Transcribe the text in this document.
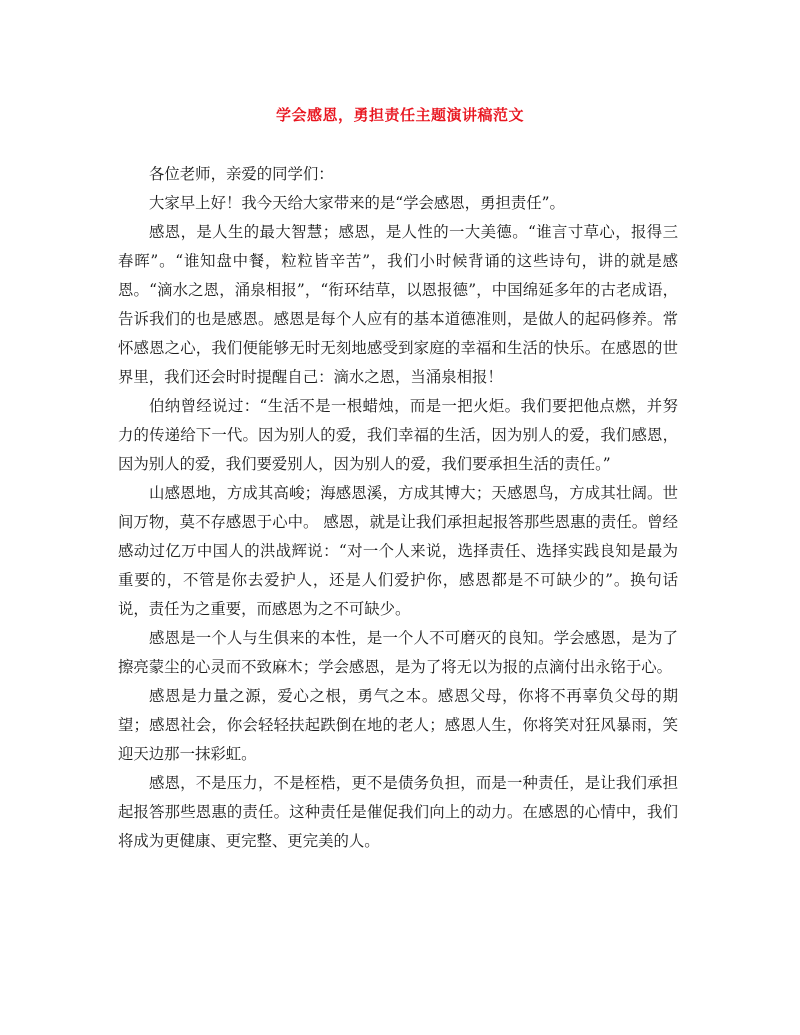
学会感恩，勇担责任主题演讲稿范文

各位老师，亲爱的同学们：

大家早上好！我今天给大家带来的是“学会感恩，勇担责任”。

感恩，是人生的最大智慧；感恩，是人性的一大美德。“谁言寸草心，报得三春晖”。“谁知盘中餐，粒粒皆辛苦”，我们小时候背诵的这些诗句，讲的就是感恩。“滴水之恩，涌泉相报”，“衔环结草，以恩报德”，中国绵延多年的古老成语，告诉我们的也是感恩。感恩是每个人应有的基本道德准则，是做人的起码修养。常怀感恩之心，我们便能够无时无刻地感受到家庭的幸福和生活的快乐。在感恩的世界里，我们还会时时提醒自己：滴水之恩，当涌泉相报！

伯纳曾经说过：“生活不是一根蜡烛，而是一把火炬。我们要把他点燃，并努力的传递给下一代。因为别人的爱，我们幸福的生活，因为别人的爱，我们感恩，因为别人的爱，我们要爱别人，因为别人的爱，我们要承担生活的责任。”

山感恩地，方成其高峻；海感恩溪，方成其博大；天感恩鸟，方成其壮阔。世间万物，莫不存感恩于心中。 感恩，就是让我们承担起报答那些恩惠的责任。曾经感动过亿万中国人的洪战辉说：“对一个人来说，选择责任、选择实践良知是最为重要的，不管是你去爱护人，还是人们爱护你，感恩都是不可缺少的”。换句话说，责任为之重要，而感恩为之不可缺少。

感恩是一个人与生俱来的本性，是一个人不可磨灭的良知。学会感恩，是为了擦亮蒙尘的心灵而不致麻木；学会感恩，是为了将无以为报的点滴付出永铭于心。

感恩是力量之源，爱心之根，勇气之本。感恩父母，你将不再辜负父母的期望；感恩社会，你会轻轻扶起跌倒在地的老人；感恩人生，你将笑对狂风暴雨，笑迎天边那一抹彩虹。

感恩，不是压力，不是桎梏，更不是债务负担，而是一种责任，是让我们承担起报答那些恩惠的责任。这种责任是催促我们向上的动力。在感恩的心情中，我们将成为更健康、更完整、更完美的人。
